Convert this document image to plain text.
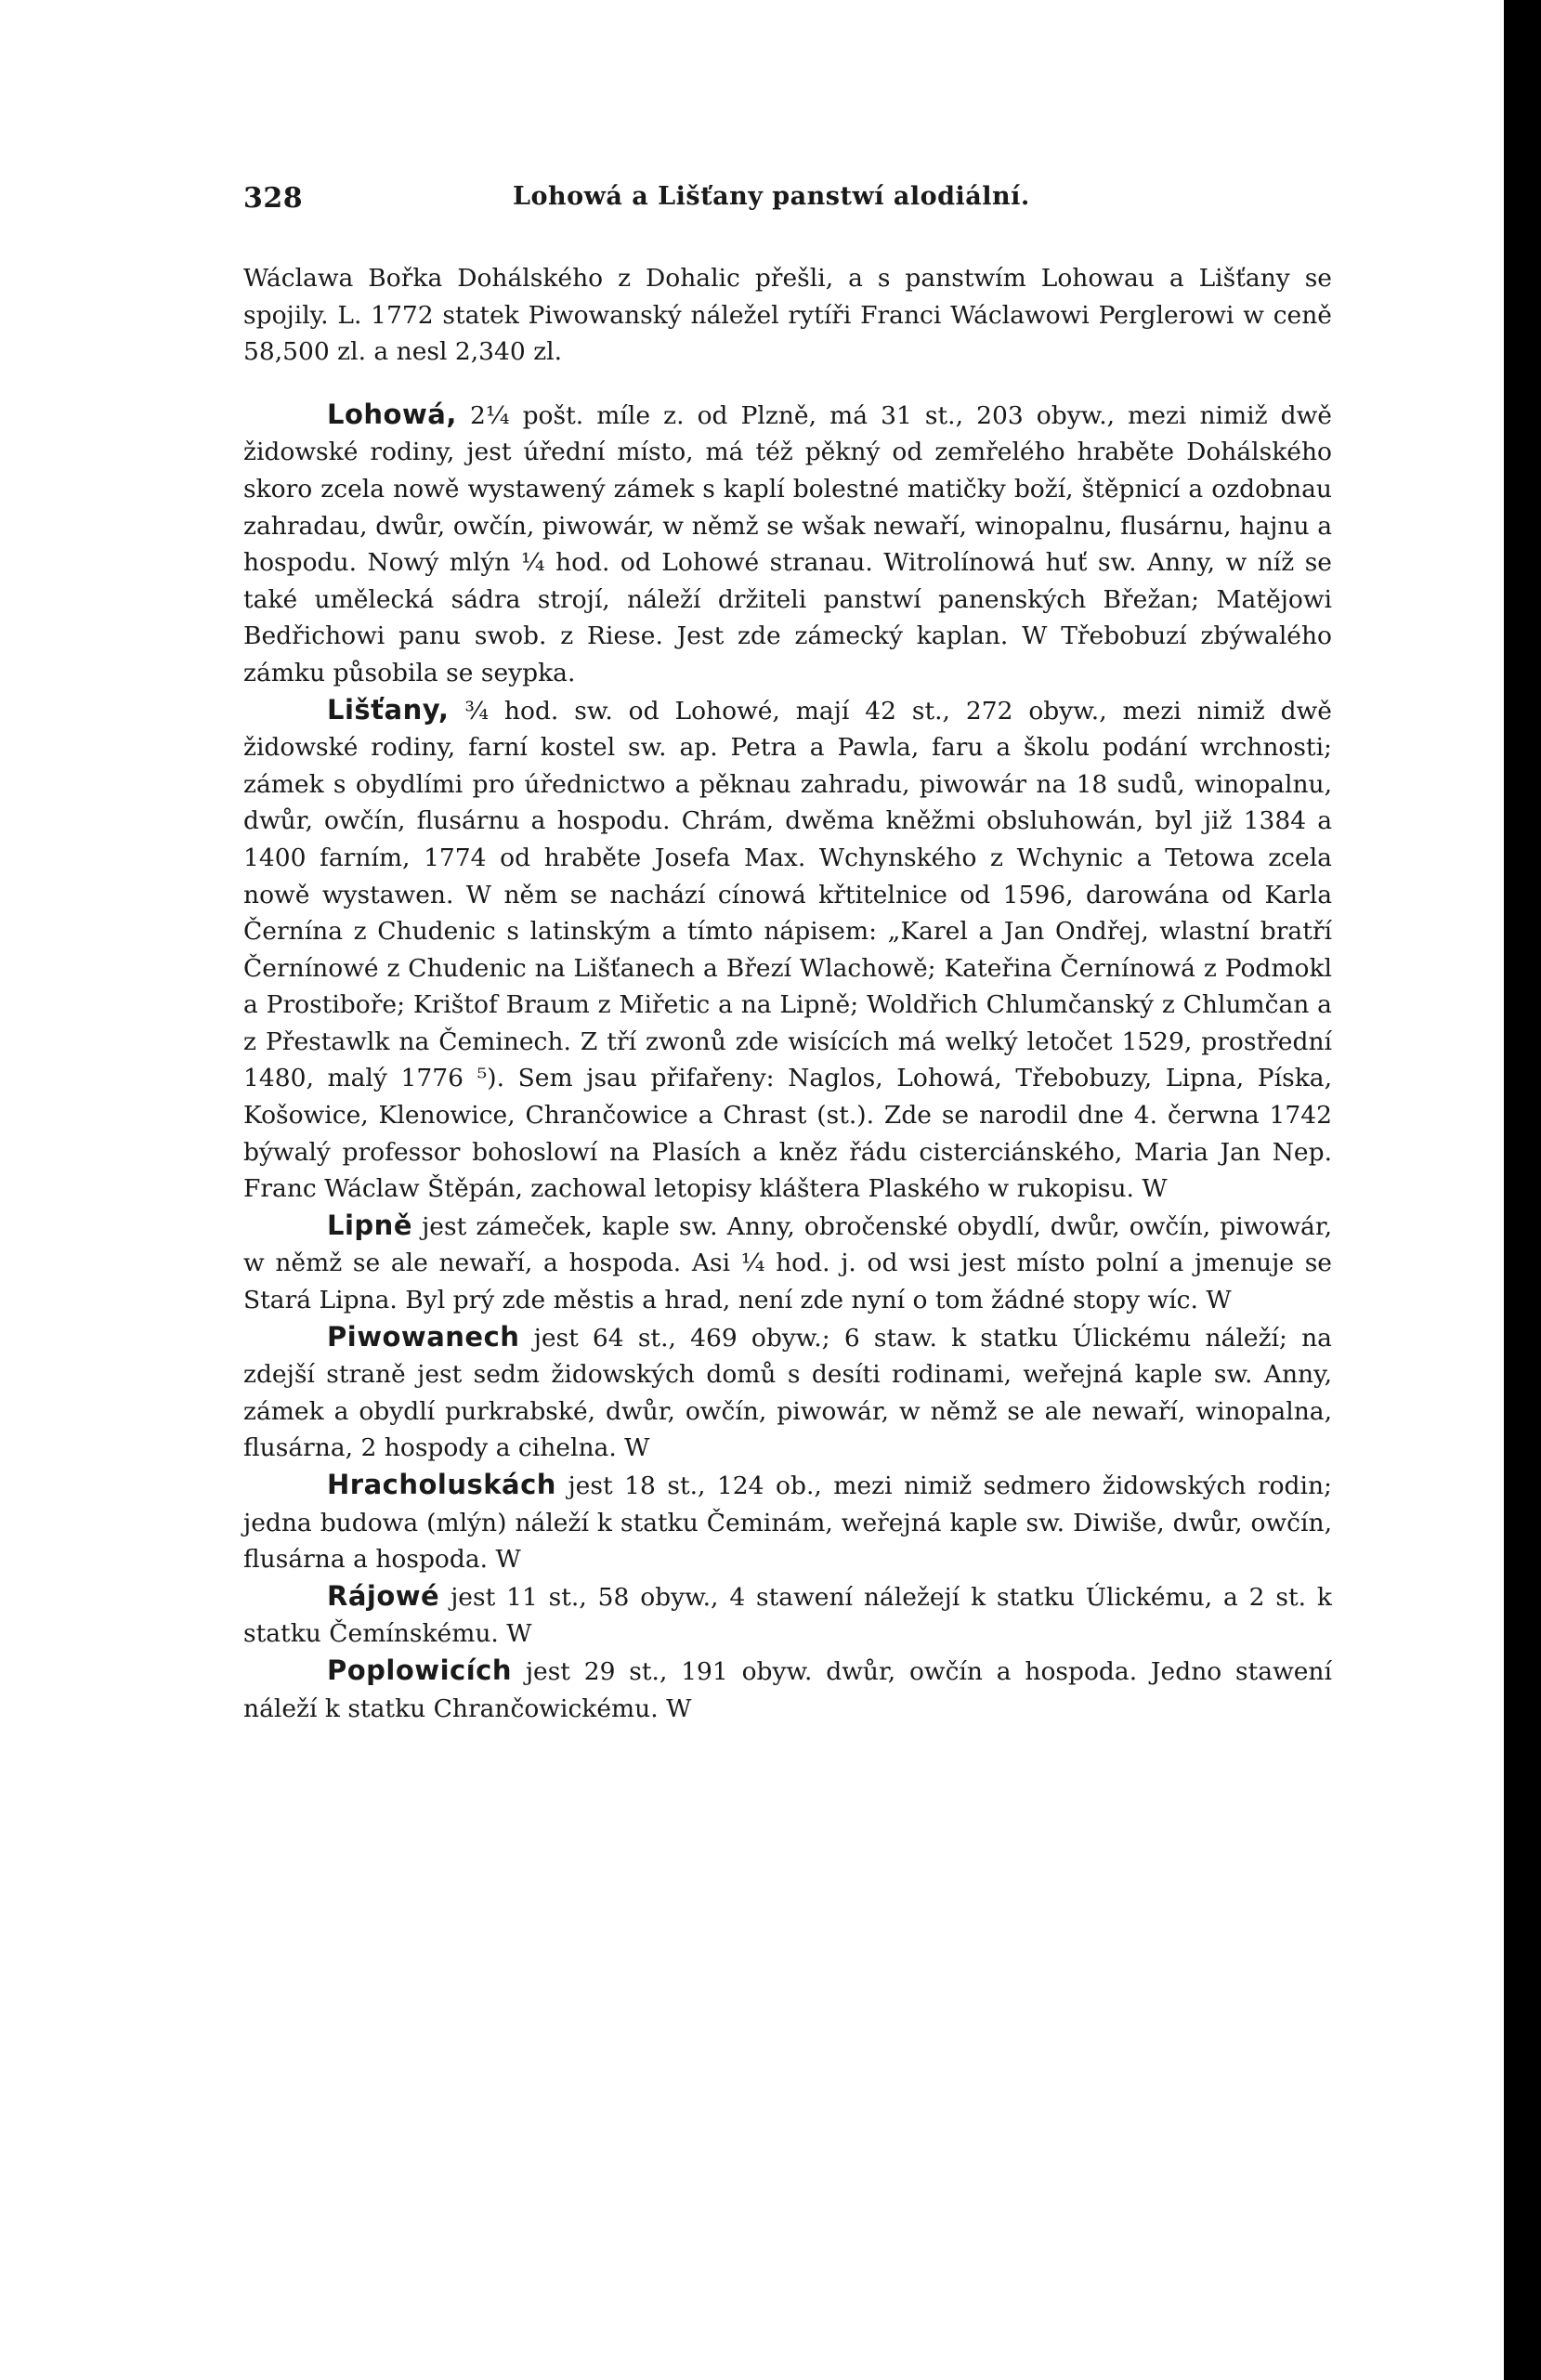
328	Lohowá a Lišťany panstwí alodiální.

Wáclawa Bořka Dohálského z Dohalic přešli, a s panstwím Lohowau a Lišťany se spojily. L. 1772 statek Piwowanský náležel rytíři Franci Wáclawowi Perglerowi w ceně 58,500 zl. a nesl 2,340 zl.

Lohowá, 2¼ pošt. míle z. od Plzně, má 31 st., 203 obyw., mezi nimiž dwě židowské rodiny, jest úřední místo, má též pěkný od zemřelého hraběte Dohálského skoro zcela nowě wystawený zámek s kaplí bolestné matičky boží, štěpnicí a ozdobnau zahradau, dwůr, owčín, piwowár, w němž se wšak newaří, winopalnu, flusárnu, hajnu a hospodu. Nowý mlýn ¼ hod. od Lohowé stranau. Witrolínowá huť sw. Anny, w níž se také umělecká sádra strojí, náleží držiteli panstwí panenských Břežan; Matějowi Bedřichowi panu swob. z Riese. Jest zde zámecký kaplan. W Třebobuzí zbýwalého zámku působila se seypka.

Lišťany, ¾ hod. sw. od Lohowé, mají 42 st., 272 obyw., mezi nimiž dwě židowské rodiny, farní kostel sw. ap. Petra a Pawla, faru a školu podání wrchnosti; zámek s obydlími pro úřednictwo a pěknau zahradu, piwowár na 18 sudů, winopalnu, dwůr, owčín, flusárnu a hospodu. Chrám, dwěma kněžmi obsluhowán, byl již 1384 a 1400 farním, 1774 od hraběte Josefa Max. Wchynského z Wchynic a Tetowa zcela nowě wystawen. W něm se nachází cínowá křtitelnice od 1596, darowána od Karla Černína z Chudenic s latinským a tímto nápisem: „Karel a Jan Ondřej, wlastní bratří Černínowé z Chudenic na Lišťanech a Březí Wlachowě; Kateřina Černínowá z Podmokl a Prostiboře; Krištof Braum z Miřetic a na Lipně; Woldřich Chlumčanský z Chlumčan a z Přestawlk na Čeminech. Z tří zwonů zde wisících má welký letočet 1529, prostřední 1480, malý 1776 ⁵). Sem jsau přifařeny: Naglos, Lohowá, Třebobuzy, Lipna, Píska, Košowice, Klenowice, Chrančowice a Chrast (st.). Zde se narodil dne 4. čerwna 1742 býwalý professor bohoslowí na Plasích a kněz řádu cisterciánského, Maria Jan Nep. Franc Wáclaw Štěpán, zachowal letopisy kláštera Plaského w rukopisu. W

Lipně jest zámeček, kaple sw. Anny, obročenské obydlí, dwůr, owčín, piwowár, w němž se ale newaří, a hospoda. Asi ¼ hod. j. od wsi jest místo polní a jmenuje se Stará Lipna. Byl prý zde městis a hrad, není zde nyní o tom žádné stopy wíc. W

Piwowanech jest 64 st., 469 obyw.; 6 staw. k statku Úlickému náleží; na zdejší straně jest sedm židowských domů s desíti rodinami, weřejná kaple sw. Anny, zámek a obydlí purkrabské, dwůr, owčín, piwowár, w němž se ale newaří, winopalna, flusárna, 2 hospody a cihelna. W

Hracholuskách jest 18 st., 124 ob., mezi nimiž sedmero židowských rodin; jedna budowa (mlýn) náleží k statku Čeminám, weřejná kaple sw. Diwiše, dwůr, owčín, flusárna a hospoda. W

Rájowé jest 11 st., 58 obyw., 4 stawení náležejí k statku Úlickému, a 2 st. k statku Čemínskému. W

Poplowicích jest 29 st., 191 obyw. dwůr, owčín a hospoda. Jedno stawení náleží k statku Chrančowickému. W
